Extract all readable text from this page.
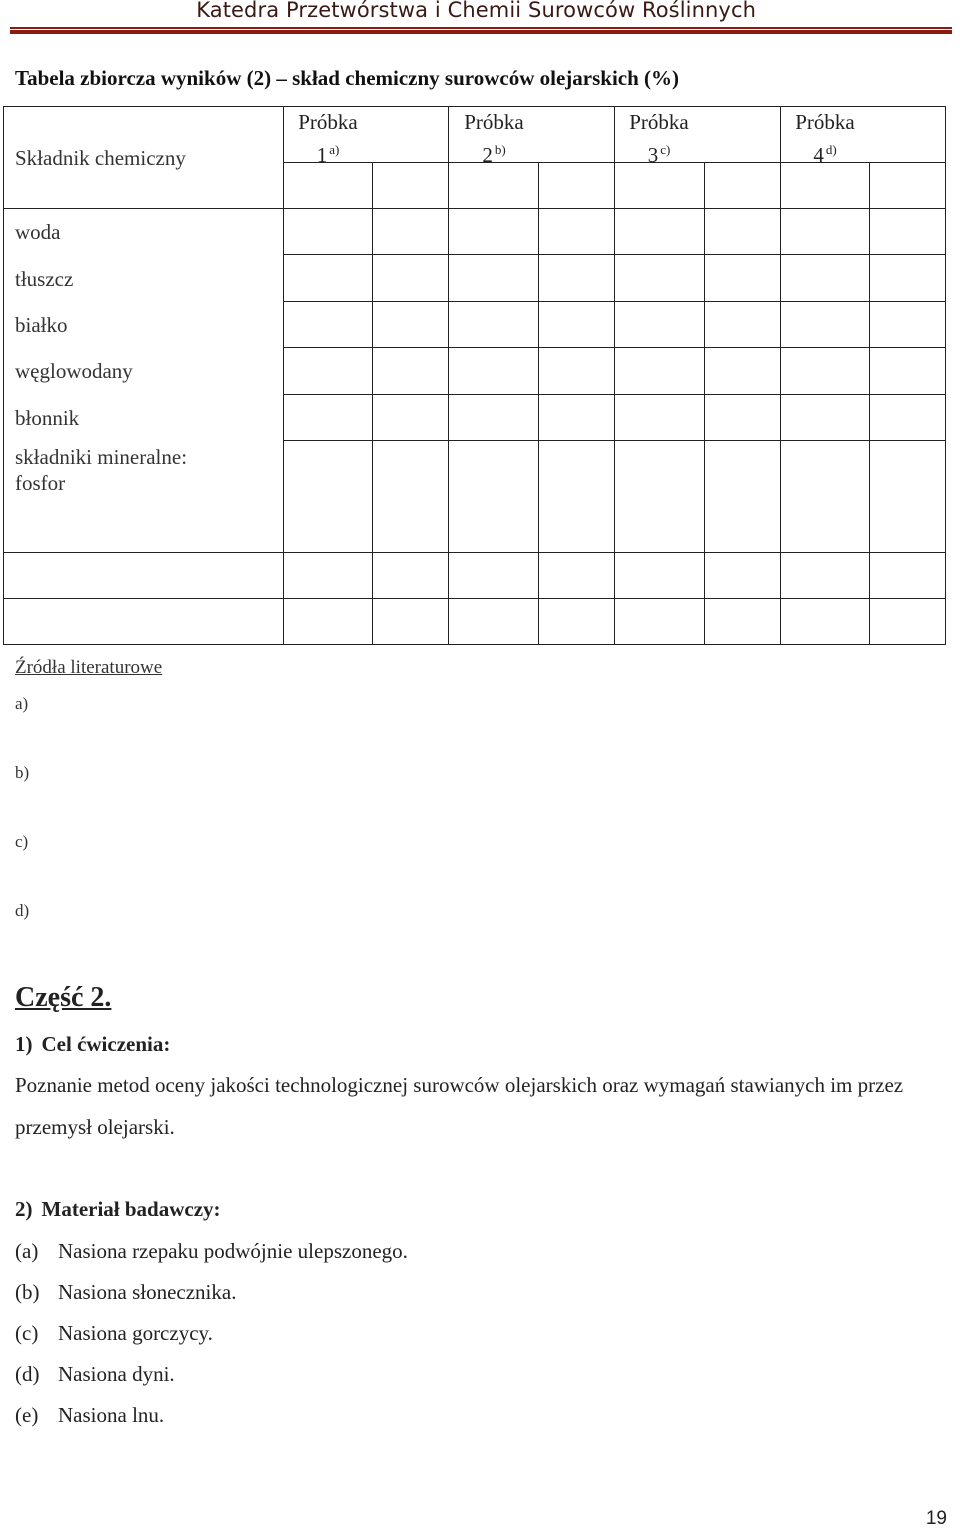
Katedra Przetwórstwa i Chemii Surowców Roślinnych
Tabela zbiorcza wyników (2) – skład chemiczny surowców olejarskich (%)
Składnik chemiczny
Próbka
1 $^{a)}$
Próbka
2 $^{b)}$
Próbka
3 $^{c)}$
Próbka
4 $^{d)}$
woda
tłuszcz
białko
węglowodany
błonnik
składniki mineralne:
fosfor
Źródła literaturowe
a)
b)
c)
d)
Część 2.
1) Cel ćwiczenia:
Poznanie metod oceny jakości technologicznej surowców olejarskich oraz wymagań stawianych im przez przemysł olejarski.
2) Materiał badawczy:
(a) Nasiona rzepaku podwójnie ulepszonego.
(b) Nasiona słonecznika.
(c) Nasiona gorczycy.
(d) Nasiona dyni.
(e) Nasiona lnu.
19
